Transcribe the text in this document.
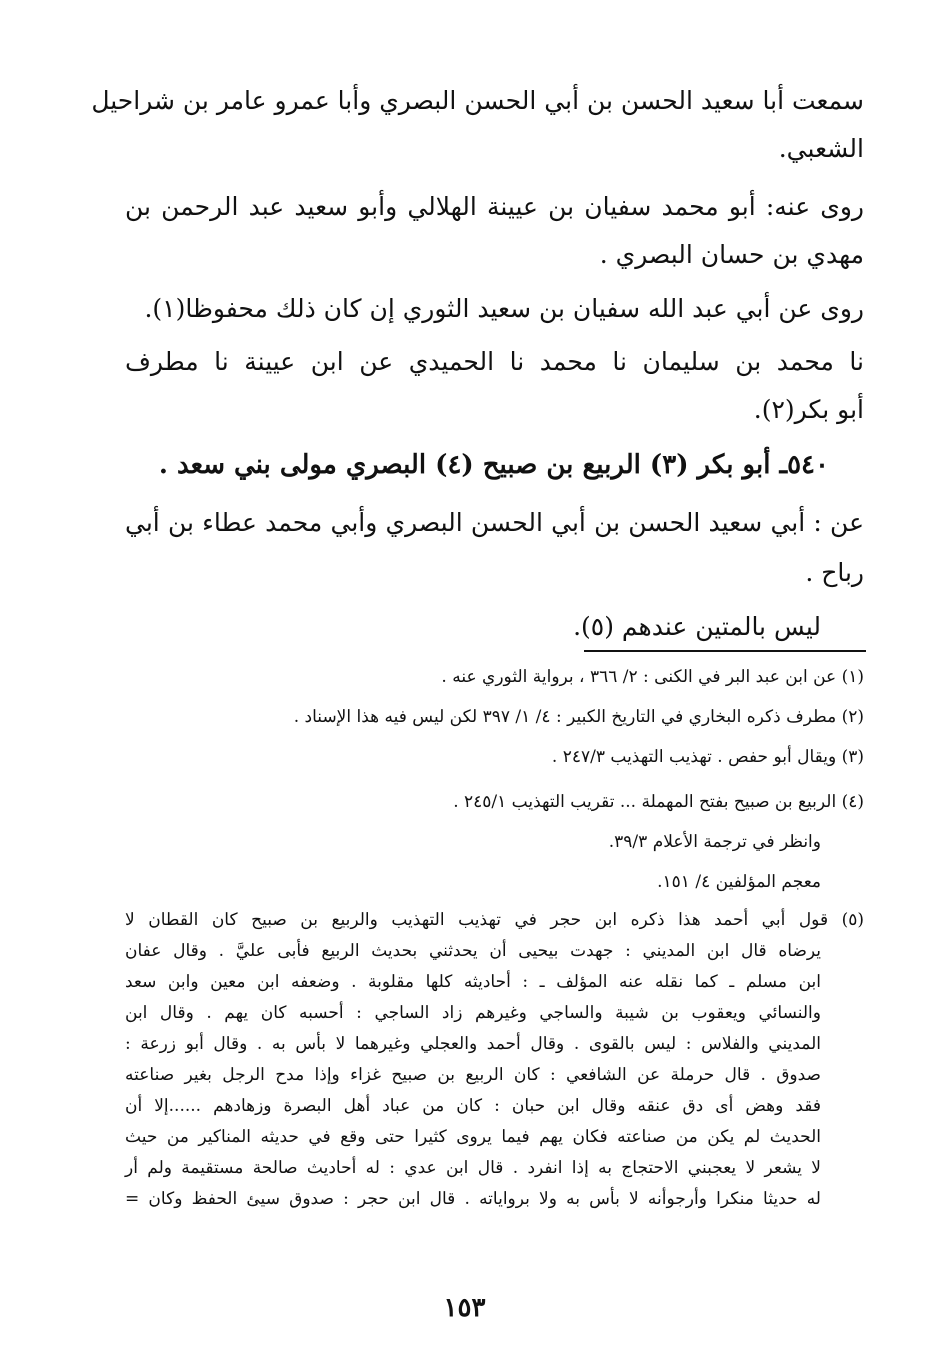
سمعت أبا سعيد الحسن بن أبي الحسن البصري وأبا عمرو عامر بن شراحيل
الشعبي.
روى عنه: أبو محمد سفيان بن عيينة الهلالي وأبو سعيد عبد الرحمن بن
مهدي بن حسان البصري .
روى عن أبي عبد الله سفيان بن سعيد الثوري إن كان ذلك محفوظا(١).
نا محمد بن سليمان نا محمد نا الحميدي عن ابن عيينة نا مطرف
أبو بكر(٢).
٥٤٠ـ أبو بكر (٣) الربيع بن صبيح (٤) البصري مولى بني سعد .
عن : أبي سعيد الحسن بن أبي الحسن البصري وأبي محمد عطاء بن أبي
رباح .
ليس بالمتين عندهم (٥).
(١) عن ابن عبد البر في الكنى : ٢/ ٣٦٦ ، برواية الثوري عنه .
(٢) مطرف ذكره البخاري في التاريخ الكبير : ٤/ ١/ ٣٩٧ لكن ليس فيه هذا الإسناد .
(٣) ويقال أبو حفص . تهذيب التهذيب ٢٤٧/٣ .
(٤) الربيع بن صبيح بفتح المهملة ... تقريب التهذيب ٢٤٥/١ .
وانظر في ترجمة الأعلام ٣٩/٣.
معجم المؤلفين ٤/ ١٥١.
(٥) قول أبي أحمد هذا ذكره ابن حجر في تهذيب التهذيب والربيع بن صبيح كان القطان لا
يرضاه قال ابن المديني : جهدت بيحيى أن يحدثني بحديث الربيع فأبى عليَّ . وقال عفان
ابن مسلم ـ كما نقله عنه المؤلف ـ : أحاديثه كلها مقلوبة . وضعفه ابن معين وابن سعد
والنسائي ويعقوب بن شيبة والساجي وغيرهم زاد الساجي : أحسبه كان يهم . وقال ابن
المديني والفلاس : ليس بالقوى . وقال أحمد والعجلي وغيرهما لا بأس به . وقال أبو زرعة :
صدوق . قال حرملة عن الشافعي : كان الربيع بن صبيح غزاء وإذا مدح الرجل بغير صناعته
فقد وهض أى دق عنقه وقال ابن حبان : كان من عباد أهل البصرة وزهادهم ......إلا أن
الحديث لم يكن من صناعته فكان يهم فيما يروى كثيرا حتى وقع في حديثه المناكير من حيث
لا يشعر لا يعجبني الاحتجاج به إذا انفرد . قال ابن عدي : له أحاديث صالحة مستقيمة ولم أر
له حديثا منكرا وأرجوأنه لا بأس به ولا برواياته . قال ابن حجر : صدوق سيئ الحفظ وكان =
١٥٣
